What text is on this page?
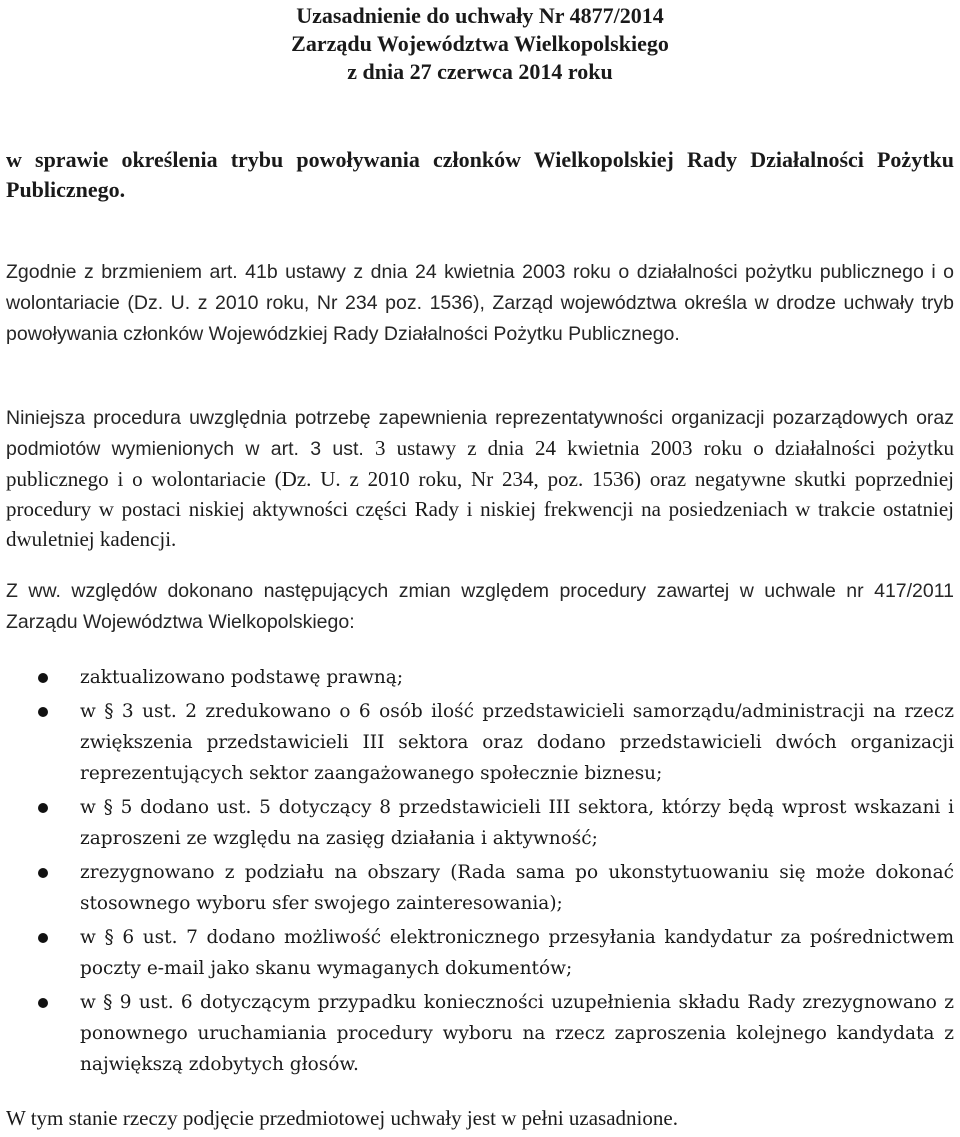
Uzasadnienie do uchwały Nr 4877/2014
Zarządu Województwa Wielkopolskiego
z dnia 27 czerwca 2014 roku
w sprawie określenia trybu powoływania członków Wielkopolskiej Rady Działalności Pożytku Publicznego.
Zgodnie z brzmieniem art. 41b ustawy z dnia 24 kwietnia 2003 roku o działalności pożytku publicznego i o wolontariacie (Dz. U. z 2010 roku, Nr 234 poz. 1536), Zarząd województwa określa w drodze uchwały tryb powoływania członków Wojewódzkiej Rady Działalności Pożytku Publicznego.
Niniejsza procedura uwzględnia potrzebę zapewnienia reprezentatywności organizacji pozarządowych oraz podmiotów wymienionych w art. 3 ust. 3 ustawy z dnia 24 kwietnia 2003 roku o działalności pożytku publicznego i o wolontariacie (Dz. U. z 2010 roku, Nr 234, poz. 1536) oraz negatywne skutki poprzedniej procedury w postaci niskiej aktywności części Rady i niskiej frekwencji na posiedzeniach w trakcie ostatniej dwuletniej kadencji.
Z ww. względów dokonano następujących zmian względem procedury zawartej w uchwale nr 417/2011 Zarządu Województwa Wielkopolskiego:
zaktualizowano podstawę prawną;
w § 3 ust. 2 zredukowano o 6 osób ilość przedstawicieli samorządu/administracji na rzecz zwiększenia przedstawicieli III sektora oraz dodano przedstawicieli dwóch organizacji reprezentujących sektor zaangażowanego społecznie biznesu;
w § 5 dodano ust. 5 dotyczący 8 przedstawicieli III sektora, którzy będą wprost wskazani i zaproszeni ze względu na zasięg działania i aktywność;
zrezygnowano z podziału na obszary (Rada sama po ukonstytuowaniu się może dokonać stosownego wyboru sfer swojego zainteresowania);
w § 6 ust. 7 dodano możliwość elektronicznego przesyłania kandydatur za pośrednictwem poczty e-mail jako skanu wymaganych dokumentów;
w § 9 ust. 6 dotyczącym przypadku konieczności uzupełnienia składu Rady zrezygnowano z ponownego uruchamiania procedury wyboru na rzecz zaproszenia kolejnego kandydata z największą zdobytych głosów.
W tym stanie rzeczy podjęcie przedmiotowej uchwały jest w pełni uzasadnione.
